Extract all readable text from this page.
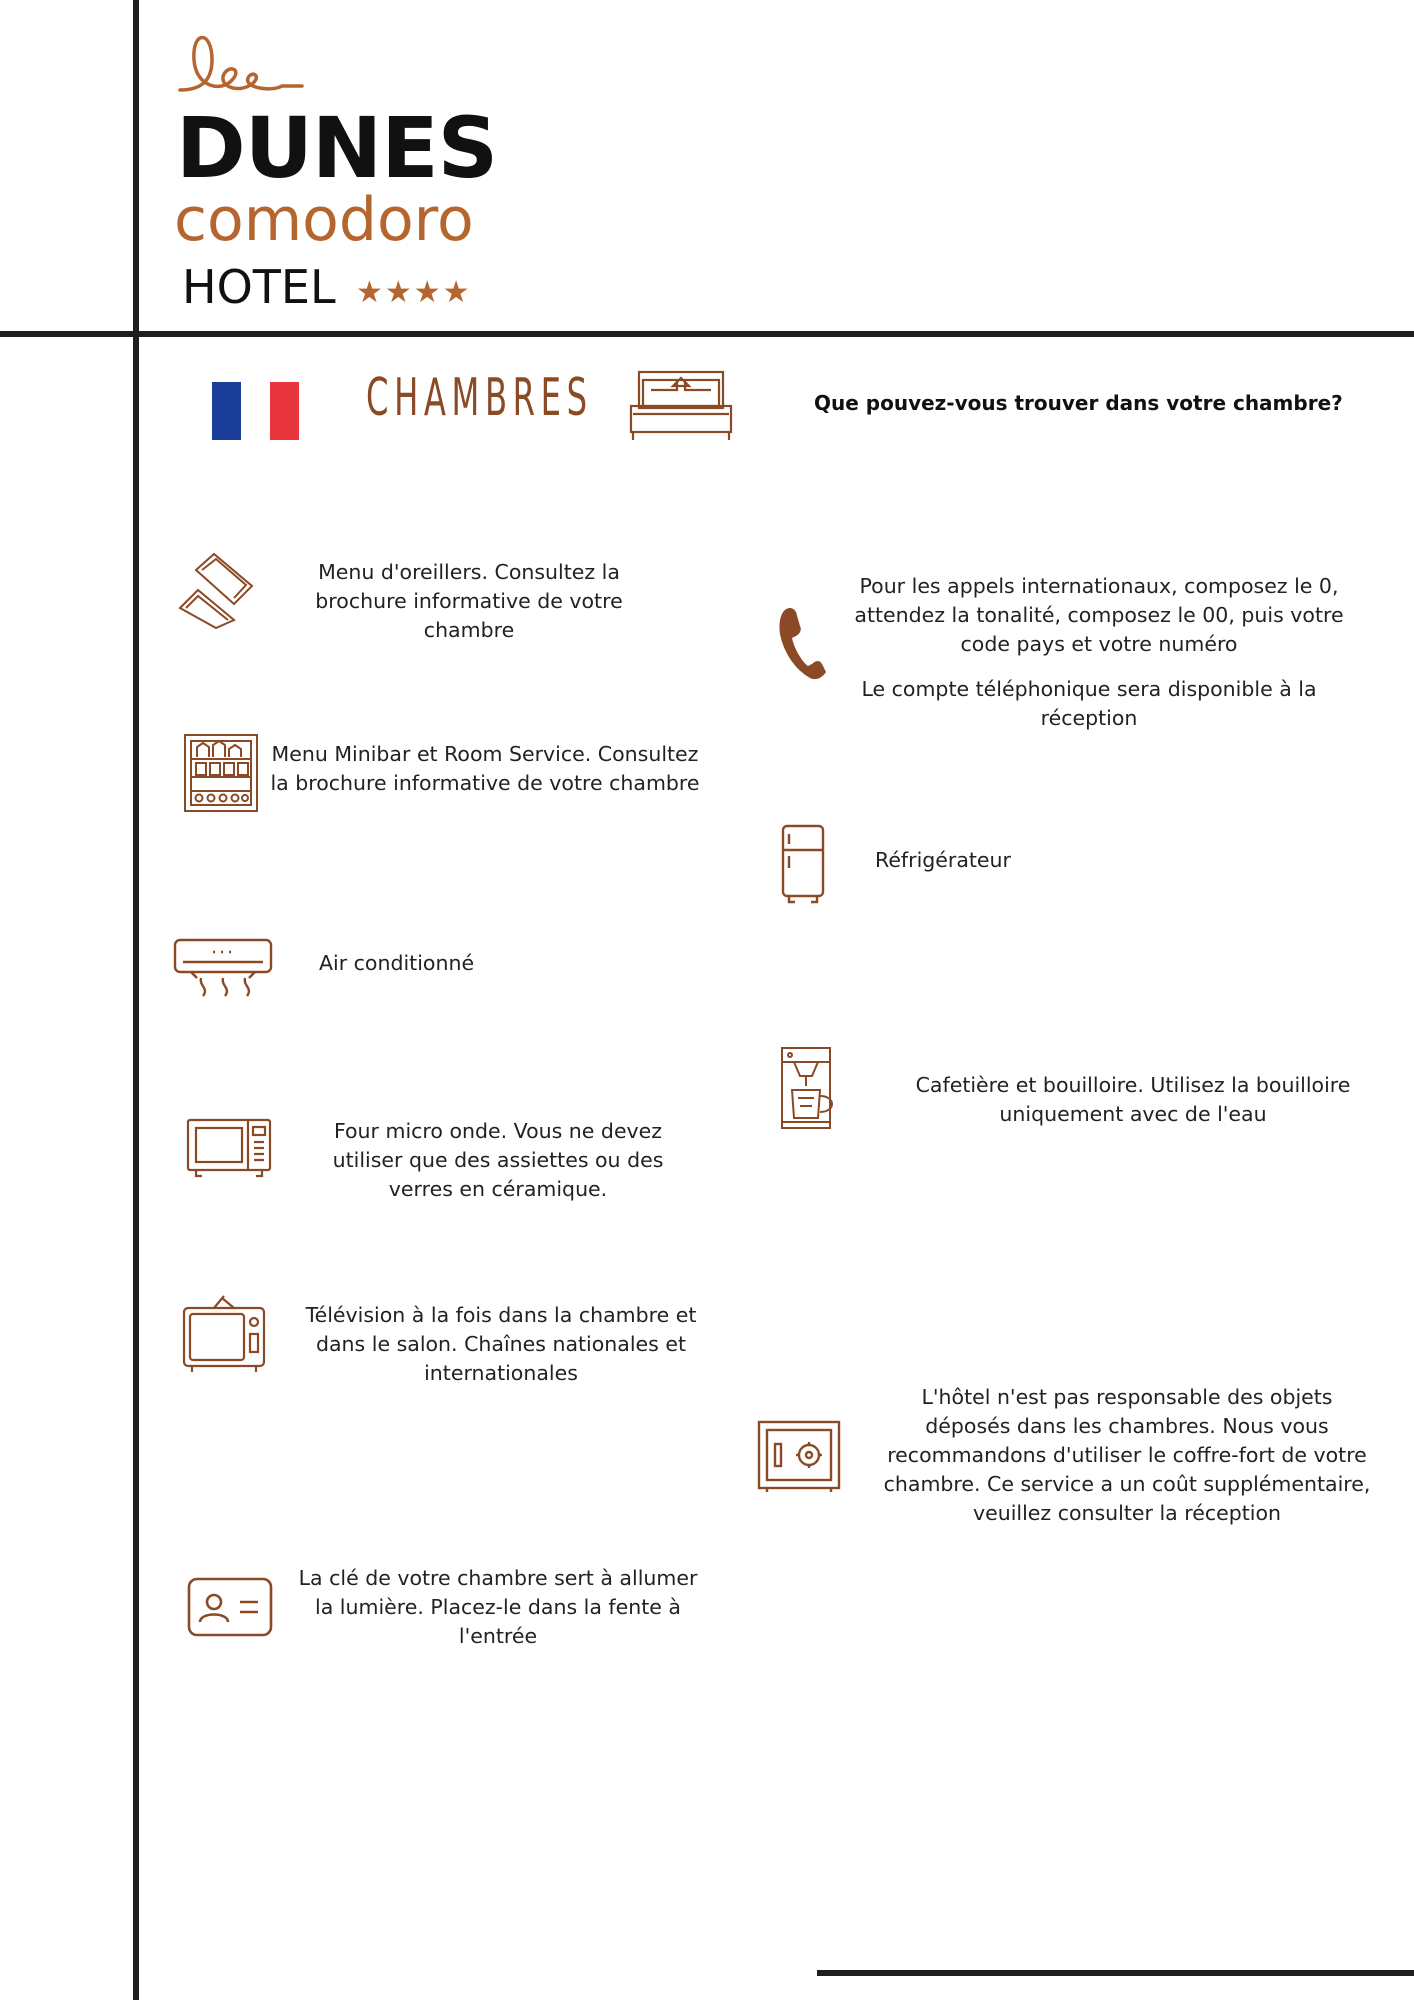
DUNES
comodoro
HOTEL ★★★★
CHAMBRES	Que pouvez-vous trouver dans votre chambre?
Menu d'oreillers. Consultez la brochure informative de votre chambre
Menu Minibar et Room Service. Consultez la brochure informative de votre chambre
Air conditionné
Four micro onde. Vous ne devez utiliser que des assiettes ou des verres en céramique.
Télévision à la fois dans la chambre et dans le salon. Chaînes nationales et internationales
La clé de votre chambre sert à allumer la lumière. Placez-le dans la fente à l'entrée
Pour les appels internationaux, composez le 0, attendez la tonalité, composez le 00, puis votre code pays et votre numéro
Le compte téléphonique sera disponible à la réception
Réfrigérateur
Cafetière et bouilloire. Utilisez la bouilloire uniquement avec de l'eau
L'hôtel n'est pas responsable des objets déposés dans les chambres. Nous vous recommandons d'utiliser le coffre-fort de votre chambre. Ce service a un coût supplémentaire, veuillez consulter la réception
